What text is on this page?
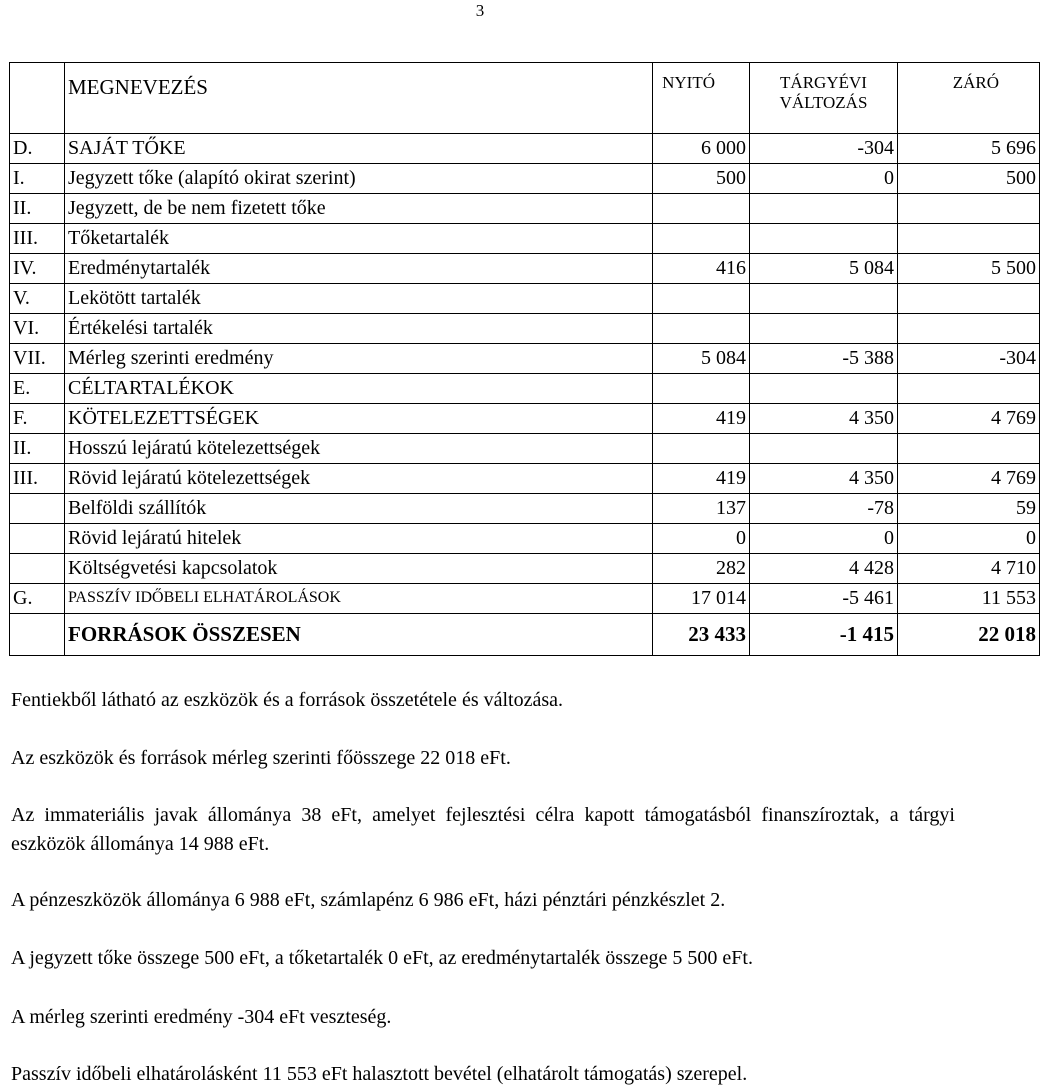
3
	MEGNEVEZÉS	NYITÓ	TÁRGYÉVI VÁLTOZÁS	ZÁRÓ
D.	SAJÁT TŐKE	6 000	-304	5 696
I.	Jegyzett tőke (alapító okirat szerint)	500	0	500
II.	Jegyzett, de be nem fizetett tőke			
III.	Tőketartalék			
IV.	Eredménytartalék	416	5 084	5 500
V.	Lekötött tartalék			
VI.	Értékelési tartalék			
VII.	Mérleg szerinti eredmény	5 084	-5 388	-304
E.	CÉLTARTALÉKOK			
F.	KÖTELEZETTSÉGEK	419	4 350	4 769
II.	Hosszú lejáratú kötelezettségek			
III.	Rövid lejáratú kötelezettségek	419	4 350	4 769
	Belföldi szállítók	137	-78	59
	Rövid lejáratú hitelek	0	0	0
	Költségvetési kapcsolatok	282	4 428	4 710
G.	PASSZÍV IDŐBELI ELHATÁROLÁSOK	17 014	-5 461	11 553
	FORRÁSOK ÖSSZESEN	23 433	-1 415	22 018
Fentiekből látható az eszközök és a források összetétele és változása.
Az eszközök és források mérleg szerinti főösszege 22 018 eFt.
Az immateriális javak állománya 38 eFt, amelyet fejlesztési célra kapott támogatásból finanszíroztak, a tárgyi eszközök állománya 14 988 eFt.
A pénzeszközök állománya 6 988 eFt, számlapénz 6 986 eFt, házi pénztári pénzkészlet 2.
A jegyzett tőke összege 500 eFt, a tőketartalék 0 eFt, az eredménytartalék összege 5 500 eFt.
A mérleg szerinti eredmény -304 eFt veszteség.
Passzív időbeli elhatárolásként 11 553 eFt halasztott bevétel (elhatárolt támogatás) szerepel.
